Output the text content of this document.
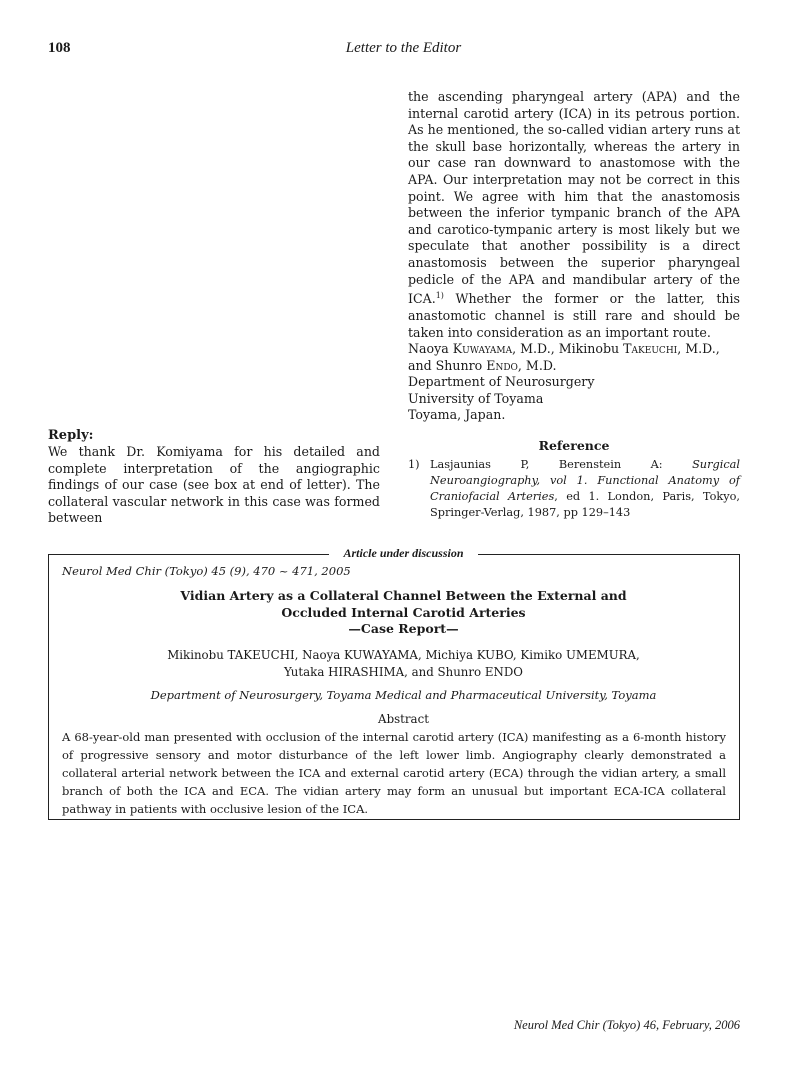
108	Letter to the Editor

the ascending pharyngeal artery (APA) and the internal carotid artery (ICA) in its petrous portion. As he mentioned, the so-called vidian artery runs at the skull base horizontally, whereas the artery in our case ran downward to anastomose with the APA. Our interpretation may not be correct in this point. We agree with him that the anastomosis between the inferior tympanic branch of the APA and carotico-tympanic artery is most likely but we speculate that another possibility is a direct anastomosis between the superior pharyngeal pedicle of the APA and mandibular artery of the ICA.$^{1)}$ Whether the former or the latter, this anastomotic channel is still rare and should be taken into consideration as an important route.

Naoya Kuwayama, M.D., Mikinobu Takeuchi, M.D.,

and Shunro Endo, M.D.

Department of Neurosurgery

University of Toyama

Toyama, Japan.

Reply:

We thank Dr. Komiyama for his detailed and complete interpretation of the angiographic findings of our case (see box at end of letter). The collateral vascular network in this case was formed between

Reference
1) Lasjaunias P, Berenstein A: Surgical Neuroangiography, vol 1. Functional Anatomy of Craniofacial Arteries, ed 1. London, Paris, Tokyo, Springer-Verlag, 1987, pp 129–143
Article under discussion
Neurol Med Chir (Tokyo) 45 (9), 470 ~ 471, 2005
Vidian Artery as a Collateral Channel Between the External and
Occluded Internal Carotid Arteries
—Case Report—
Mikinobu TAKEUCHI, Naoya KUWAYAMA, Michiya KUBO, Kimiko UMEMURA,
Yutaka HIRASHIMA, and Shunro ENDO
Department of Neurosurgery, Toyama Medical and Pharmaceutical University, Toyama
Abstract
A 68-year-old man presented with occlusion of the internal carotid artery (ICA) manifesting as a 6-month history of progressive sensory and motor disturbance of the left lower limb. Angiography clearly demonstrated a collateral arterial network between the ICA and external carotid artery (ECA) through the vidian artery, a small branch of both the ICA and ECA. The vidian artery may form an unusual but important ECA-ICA collateral pathway in patients with occlusive lesion of the ICA.
Neurol Med Chir (Tokyo) 46, February, 2006
